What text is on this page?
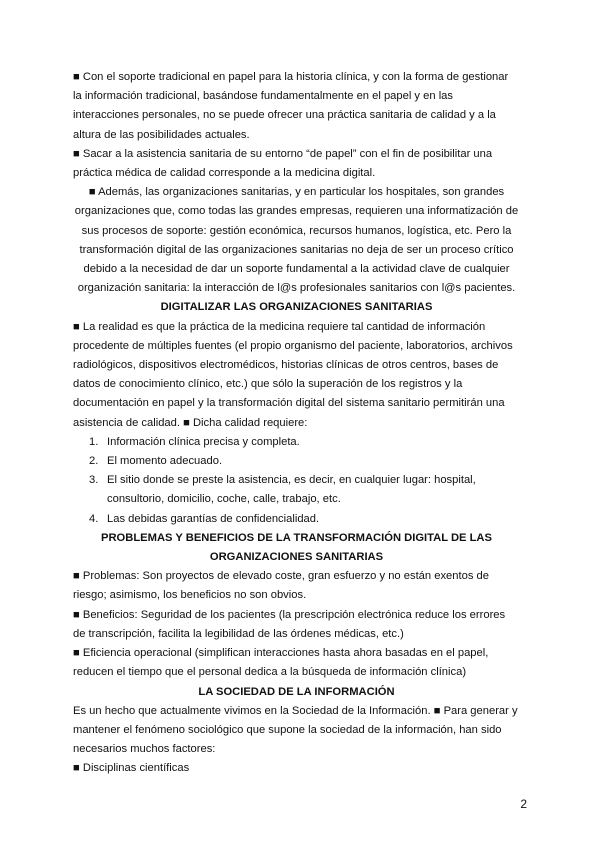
■ Con el soporte tradicional en papel para la historia clínica, y con la forma de gestionar la información tradicional, basándose fundamentalmente en el papel y en las interacciones personales, no se puede ofrecer una práctica sanitaria de calidad y a la altura de las posibilidades actuales.

■ Sacar a la asistencia sanitaria de su entorno “de papel” con el fin de posibilitar una práctica médica de calidad corresponde a la medicina digital.

■ Además, las organizaciones sanitarias, y en particular los hospitales, son grandes organizaciones que, como todas las grandes empresas, requieren una informatización de sus procesos de soporte: gestión económica, recursos humanos, logística, etc. Pero la transformación digital de las organizaciones sanitarias no deja de ser un proceso crítico debido a la necesidad de dar un soporte fundamental a la actividad clave de cualquier organización sanitaria: la interacción de l@s profesionales sanitarios con l@s pacientes.

DIGITALIZAR LAS ORGANIZACIONES SANITARIAS

■ La realidad es que la práctica de la medicina requiere tal cantidad de información procedente de múltiples fuentes (el propio organismo del paciente, laboratorios, archivos radiológicos, dispositivos electromédicos, historias clínicas de otros centros, bases de datos de conocimiento clínico, etc.) que sólo la superación de los registros y la documentación en papel y la transformación digital del sistema sanitario permitirán una asistencia de calidad. ■ Dicha calidad requiere:

1. Información clínica precisa y completa.
2. El momento adecuado.
3. El sitio donde se preste la asistencia, es decir, en cualquier lugar: hospital, consultorio, domicilio, coche, calle, trabajo, etc.
4. Las debidas garantías de confidencialidad.

PROBLEMAS Y BENEFICIOS DE LA TRANSFORMACIÓN DIGITAL DE LAS ORGANIZACIONES SANITARIAS

■ Problemas: Son proyectos de elevado coste, gran esfuerzo y no están exentos de riesgo; asimismo, los beneficios no son obvios.

■ Beneficios: Seguridad de los pacientes (la prescripción electrónica reduce los errores de transcripción, facilita la legibilidad de las órdenes médicas, etc.)

■ Eficiencia operacional (simplifican interacciones hasta ahora basadas en el papel, reducen el tiempo que el personal dedica a la búsqueda de información clínica)

LA SOCIEDAD DE LA INFORMACIÓN

Es un hecho que actualmente vivimos en la Sociedad de la Información. ■ Para generar y mantener el fenómeno sociológico que supone la sociedad de la información, han sido necesarios muchos factores:

■ Disciplinas científicas

2
